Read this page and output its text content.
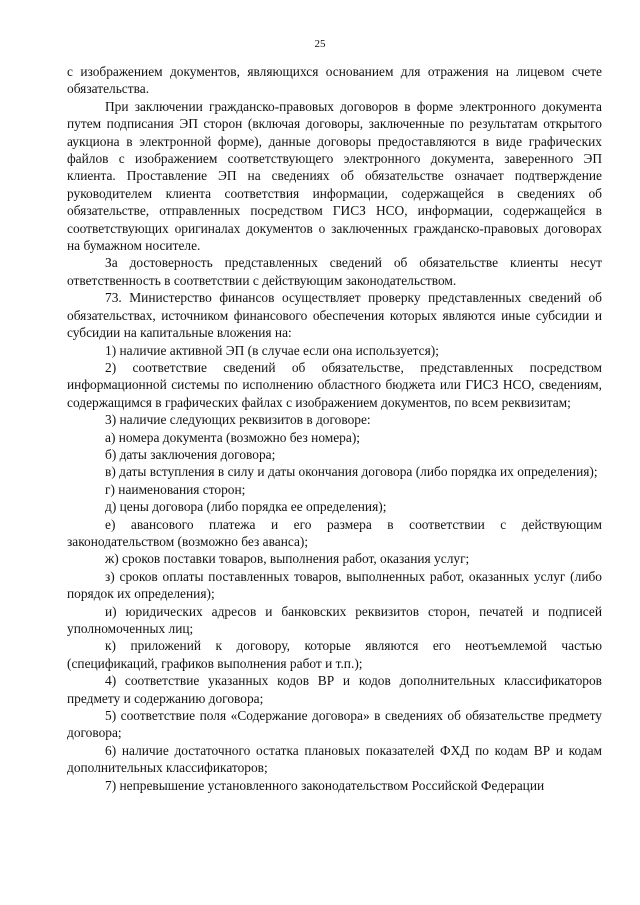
25

с изображением документов, являющихся основанием для отражения на лицевом счете обязательства.

При заключении гражданско-правовых договоров в форме электронного документа путем подписания ЭП сторон (включая договоры, заключенные по результатам открытого аукциона в электронной форме), данные договоры предоставляются в виде графических файлов с изображением соответствующего электронного документа, заверенного ЭП клиента. Проставление ЭП на сведениях об обязательстве означает подтверждение руководителем клиента соответствия информации, содержащейся в сведениях об обязательстве, отправленных посредством ГИСЗ НСО, информации, содержащейся в соответствующих оригиналах документов о заключенных гражданско-правовых договорах на бумажном носителе.

За достоверность представленных сведений об обязательстве клиенты несут ответственность в соответствии с действующим законодательством.

73. Министерство финансов осуществляет проверку представленных сведений об обязательствах, источником финансового обеспечения которых являются иные субсидии и субсидии на капитальные вложения на:

1) наличие активной ЭП (в случае если она используется);

2) соответствие сведений об обязательстве, представленных посредством информационной системы по исполнению областного бюджета или ГИСЗ НСО, сведениям, содержащимся в графических файлах с изображением документов, по всем реквизитам;

3) наличие следующих реквизитов в договоре:

а) номера документа (возможно без номера);

б) даты заключения договора;

в) даты вступления в силу и даты окончания договора (либо порядка их определения);

г) наименования сторон;

д) цены договора (либо порядка ее определения);

е) авансового платежа и его размера в соответствии с действующим законодательством (возможно без аванса);

ж) сроков поставки товаров, выполнения работ, оказания услуг;

з) сроков оплаты поставленных товаров, выполненных работ, оказанных услуг (либо порядок их определения);

и) юридических адресов и банковских реквизитов сторон, печатей и подписей уполномоченных лиц;

к) приложений к договору, которые являются его неотъемлемой частью (спецификаций, графиков выполнения работ и т.п.);

4) соответствие указанных кодов ВР и кодов дополнительных классификаторов предмету и содержанию договора;

5) соответствие поля «Содержание договора» в сведениях об обязательстве предмету договора;

6) наличие достаточного остатка плановых показателей ФХД по кодам ВР и кодам дополнительных классификаторов;

7) непревышение установленного законодательством Российской Федерации
